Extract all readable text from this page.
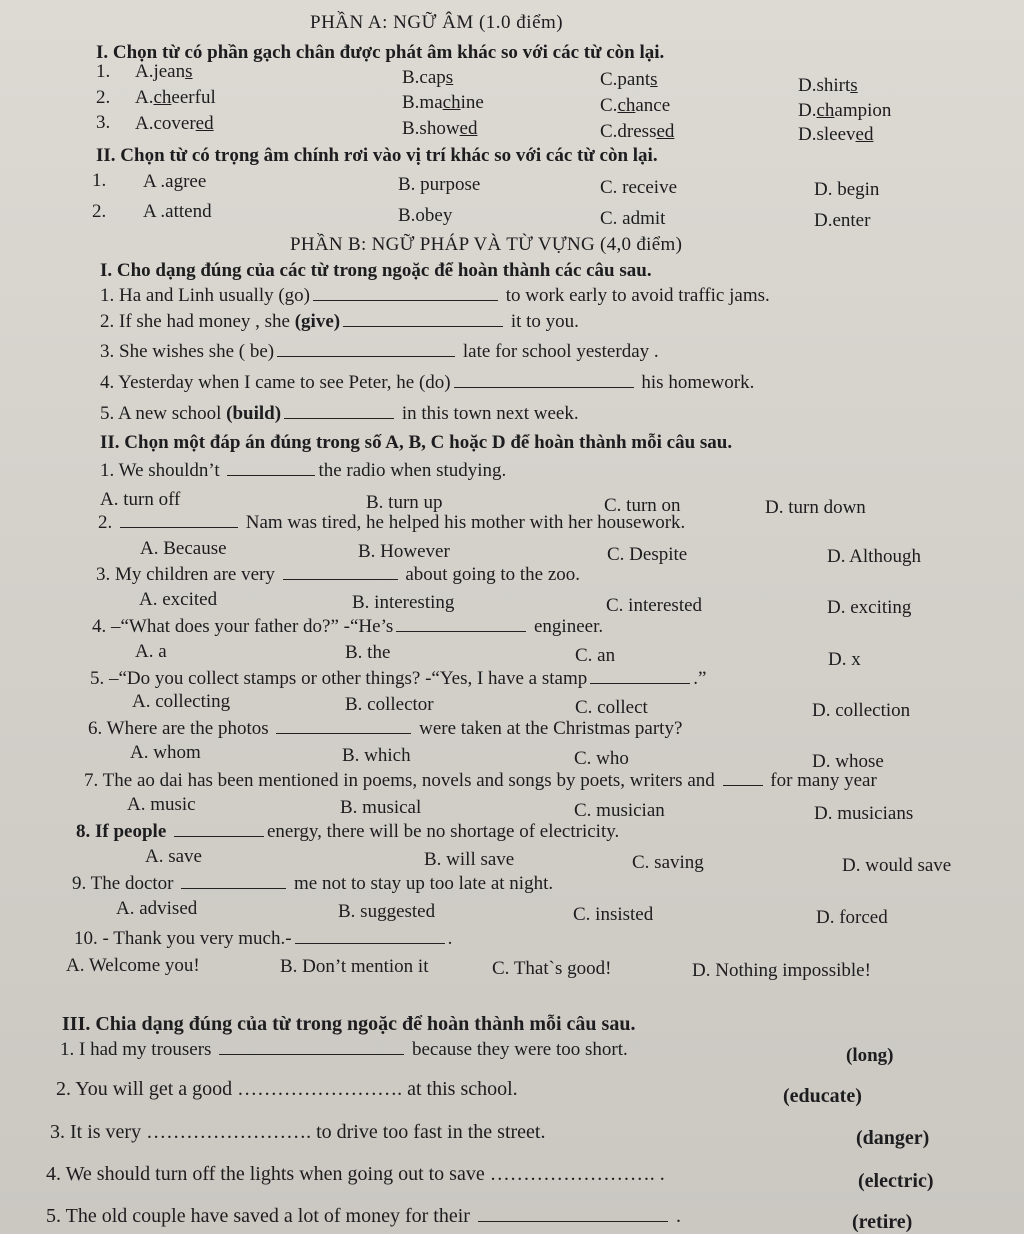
PHẦN A: NGỮ ÂM (1.0 điểm)
I. Chọn từ có phần gạch chân được phát âm khác so với các từ còn lại.
1. A.jeans	B.caps	C.pants	D.shirts
2. A.cheerful	B.machine	C.chance	D.champion
3. A.covered	B.showed	C.dressed	D.sleeved
II. Chọn từ có trọng âm chính rơi vào vị trí khác so với các từ còn lại.
1. A .agree	B. purpose	C. receive	D. begin
2. A .attend	B.obey	C. admit	D.enter
PHẦN B: NGỮ PHÁP VÀ TỪ VỰNG (4,0 điểm)
I. Cho dạng đúng của các từ trong ngoặc để hoàn thành các câu sau.
1. Ha and Linh usually (go)	to work early to avoid traffic jams.
2. If she had money , she (give)	it to you.
3. She wishes she ( be)	late for school yesterday .
4. Yesterday when I came to see Peter, he (do)	his homework.
5. A new school (build)	in this town next week.
II. Chọn một đáp án đúng trong số A, B, C hoặc D để hoàn thành mỗi câu sau.
1. We shouldn’t	the radio when studying.
A. turn off	B. turn up	C. turn on	D. turn down
2.	Nam was tired, he helped his mother with her housework.
A. Because	B. However	C. Despite	D. Although
3. My children are very	about going to the zoo.
A. excited	B. interesting	C. interested	D. exciting
4. –“What does your father do?” -“He’s	engineer.
A. a	B. the	C. an	D. x
5. –“Do you collect stamps or other things? -“Yes, I have a stamp	.”
A. collecting	B. collector	C. collect	D. collection
6. Where are the photos	were taken at the Christmas party?
A. whom	B. which	C. who	D. whose
7. The ao dai has been mentioned in poems, novels and songs by poets, writers and	for many year
A. music	B. musical	C. musician	D. musicians
8. If people	energy, there will be no shortage of electricity.
A. save	B. will save	C. saving	D. would save
9. The doctor	me not to stay up too late at night.
A. advised	B. suggested	C. insisted	D. forced
10. - Thank you very much.-	.
A. Welcome you!	B. Don’t mention it	C. That`s good!	D. Nothing impossible!
III. Chia dạng đúng của từ trong ngoặc để hoàn thành mỗi câu sau.
1. I had my trousers	because they were too short.	(long)
2. You will get a good ……………………. at this school.	(educate)
3. It is very ……………………. to drive too fast in the street.	(danger)
4. We should turn off the lights when going out to save ……………………. .	(electric)
5. The old couple have saved a lot of money for their	.	(retire)
